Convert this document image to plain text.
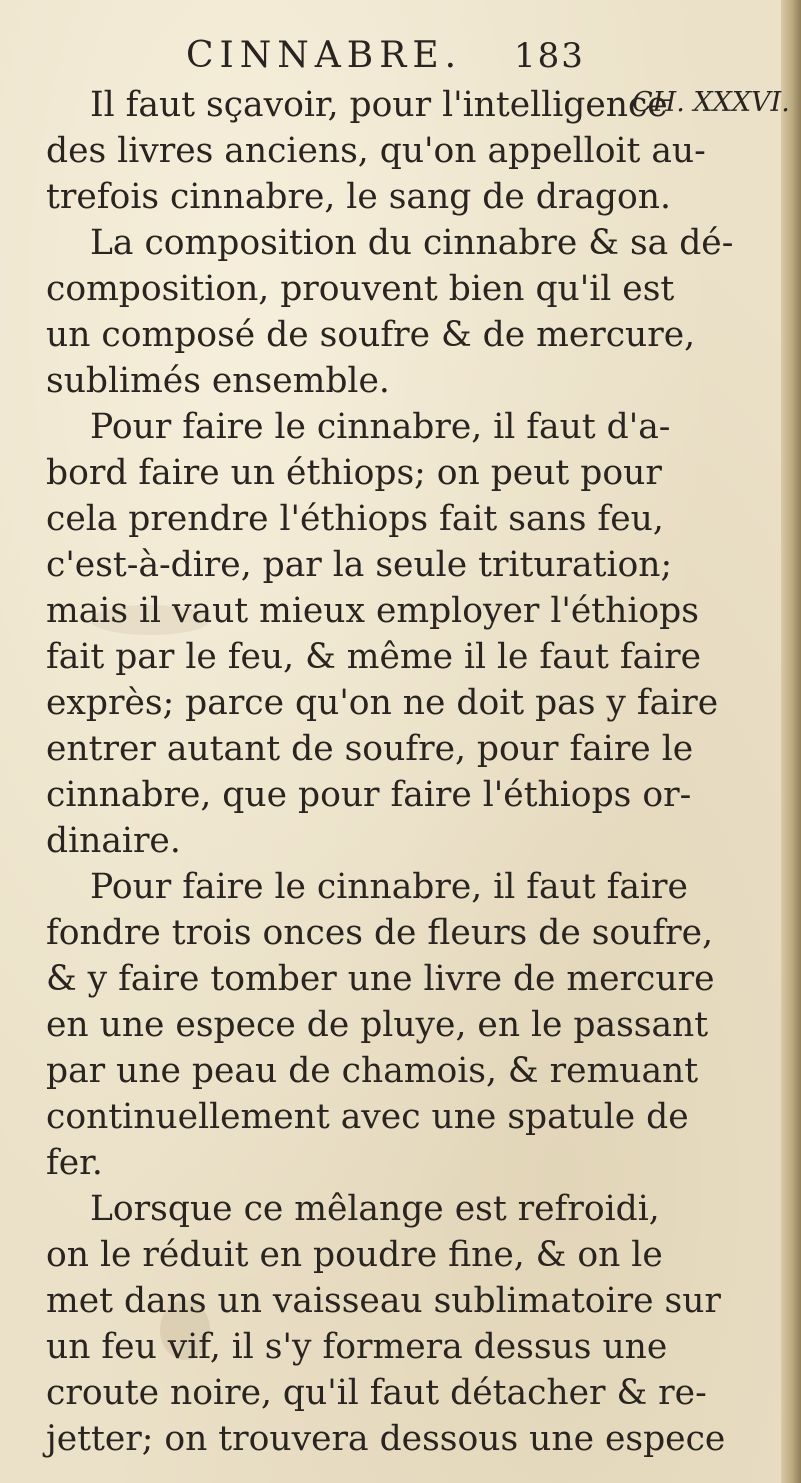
CINNABRE.	183
CH. XXXVI.
Il faut sçavoir, pour l'intelligence
des livres anciens, qu'on appelloit au-
trefois cinnabre, le sang de dragon.
La composition du cinnabre & sa dé-
composition, prouvent bien qu'il est
un composé de soufre & de mercure,
sublimés ensemble.
Pour faire le cinnabre, il faut d'a-
bord faire un éthiops; on peut pour
cela prendre l'éthiops fait sans feu,
c'est-à-dire, par la seule trituration;
mais il vaut mieux employer l'éthiops
fait par le feu, & même il le faut faire
exprès; parce qu'on ne doit pas y faire
entrer autant de soufre, pour faire le
cinnabre, que pour faire l'éthiops or-
dinaire.
Pour faire le cinnabre, il faut faire
fondre trois onces de fleurs de soufre,
& y faire tomber une livre de mercure
en une espece de pluye, en le passant
par une peau de chamois, & remuant
continuellement avec une spatule de
fer.
Lorsque ce mêlange est refroidi,
on le réduit en poudre fine, & on le
met dans un vaisseau sublimatoire sur
un feu vif, il s'y formera dessus une
croute noire, qu'il faut détacher & re-
jetter; on trouvera dessous une espece
